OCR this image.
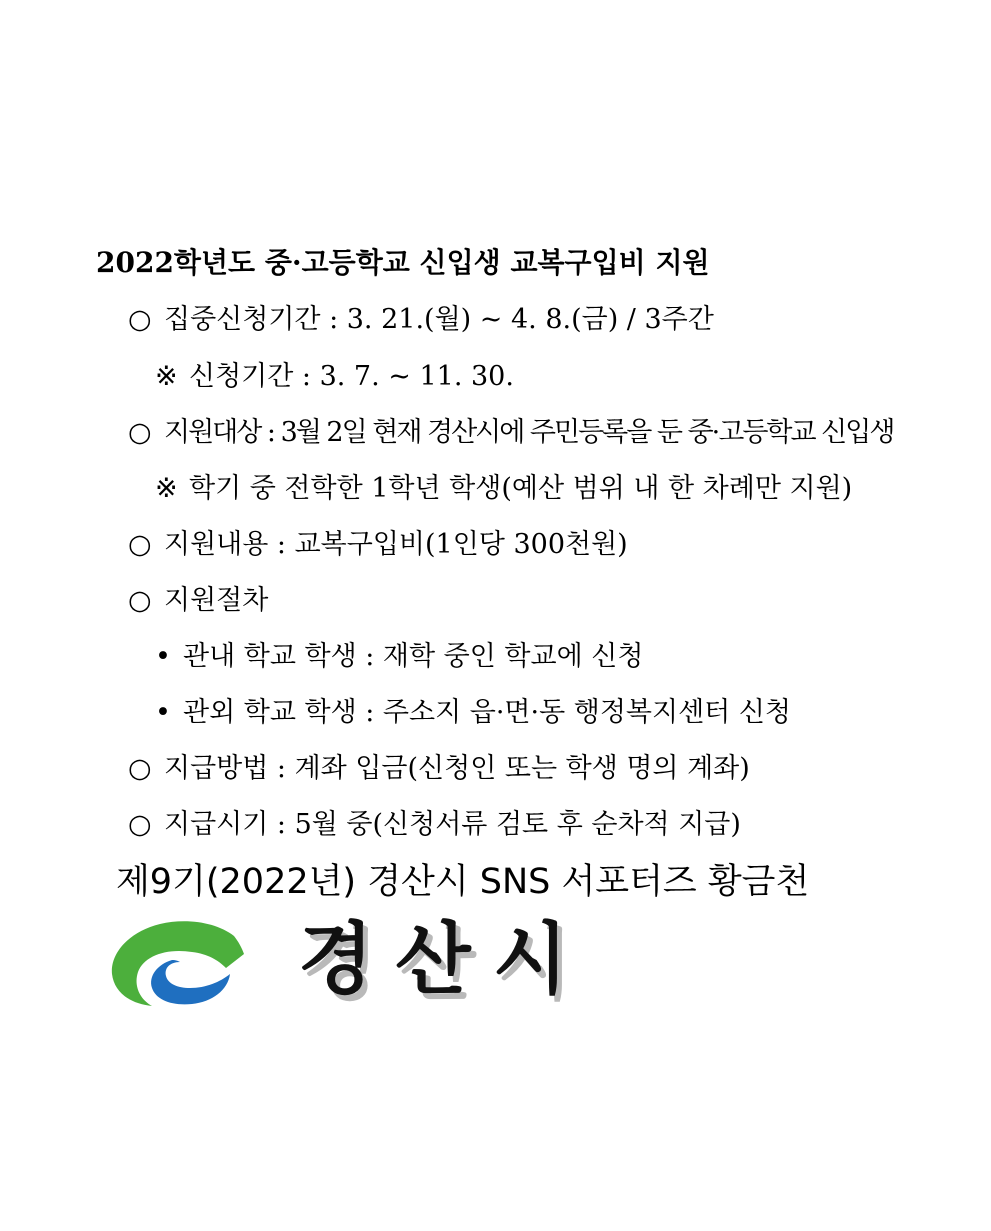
2022학년도 중·고등학교 신입생 교복구입비 지원
○ 집중신청기간 : 3. 21.(월) ~ 4. 8.(금) / 3주간
※ 신청기간 : 3. 7. ~ 11. 30.
○ 지원대상 : 3월 2일 현재 경산시에 주민등록을 둔 중·고등학교 신입생
※ 학기 중 전학한 1학년 학생(예산 범위 내 한 차례만 지원)
○ 지원내용 : 교복구입비(1인당 300천원)
○ 지원절차
• 관내 학교 학생 : 재학 중인 학교에 신청
• 관외 학교 학생 : 주소지 읍·면·동 행정복지센터 신청
○ 지급방법 : 계좌 입금(신청인 또는 학생 명의 계좌)
○ 지급시기 : 5월 중(신청서류 검토 후 순차적 지급)
제9기(2022년) 경산시 SNS 서포터즈 황금천
경산시
